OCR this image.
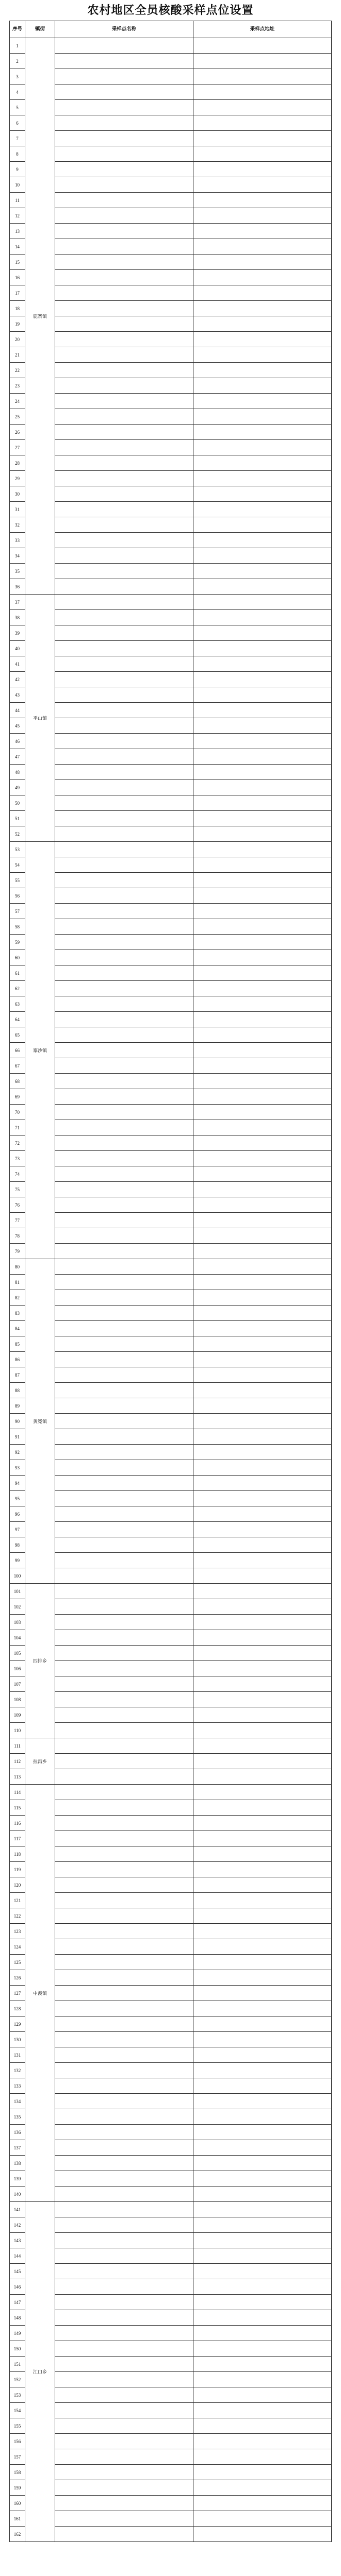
农村地区全员核酸采样点位设置
序号	镇街	采样点名称	采样点地址
1	鹿寨镇		
2			
3			
4			
5			
6			
7			
8			
9			
10			
11			
12			
13			
14			
15			
16			
17			
18			
19			
20			
21			
22			
23			
24			
25			
26			
27			
28			
29			
30			
31			
32			
33			
34			
35			
36			
37	平山镇		
38			
39			
40			
41			
42			
43			
44			
45			
46			
47			
48			
49			
50			
51			
52			
53	寨沙镇		
54			
55			
56			
57			
58			
59			
60			
61			
62			
63			
64			
65			
66			
67			
68			
69			
70			
71			
72			
73			
74			
75			
76			
77			
78			
79			
80	黄冕镇		
81			
82			
83			
84			
85			
86			
87			
88			
89			
90			
91			
92			
93			
94			
95			
96			
97			
98			
99			
100			
101	四排乡		
102			
103			
104			
105			
106			
107			
108			
109			
110			
111	拉沟乡		
112			
113			
114	中渡镇		
115			
116			
117			
118			
119			
120			
121			
122			
123			
124			
125			
126			
127			
128			
129			
130			
131			
132			
133			
134			
135			
136			
137			
138			
139			
140			
141	江口乡		
142			
143			
144			
145			
146			
147			
148			
149			
150			
151			
152			
153			
154			
155			
156			
157			
158			
159			
160			
161			
162			
